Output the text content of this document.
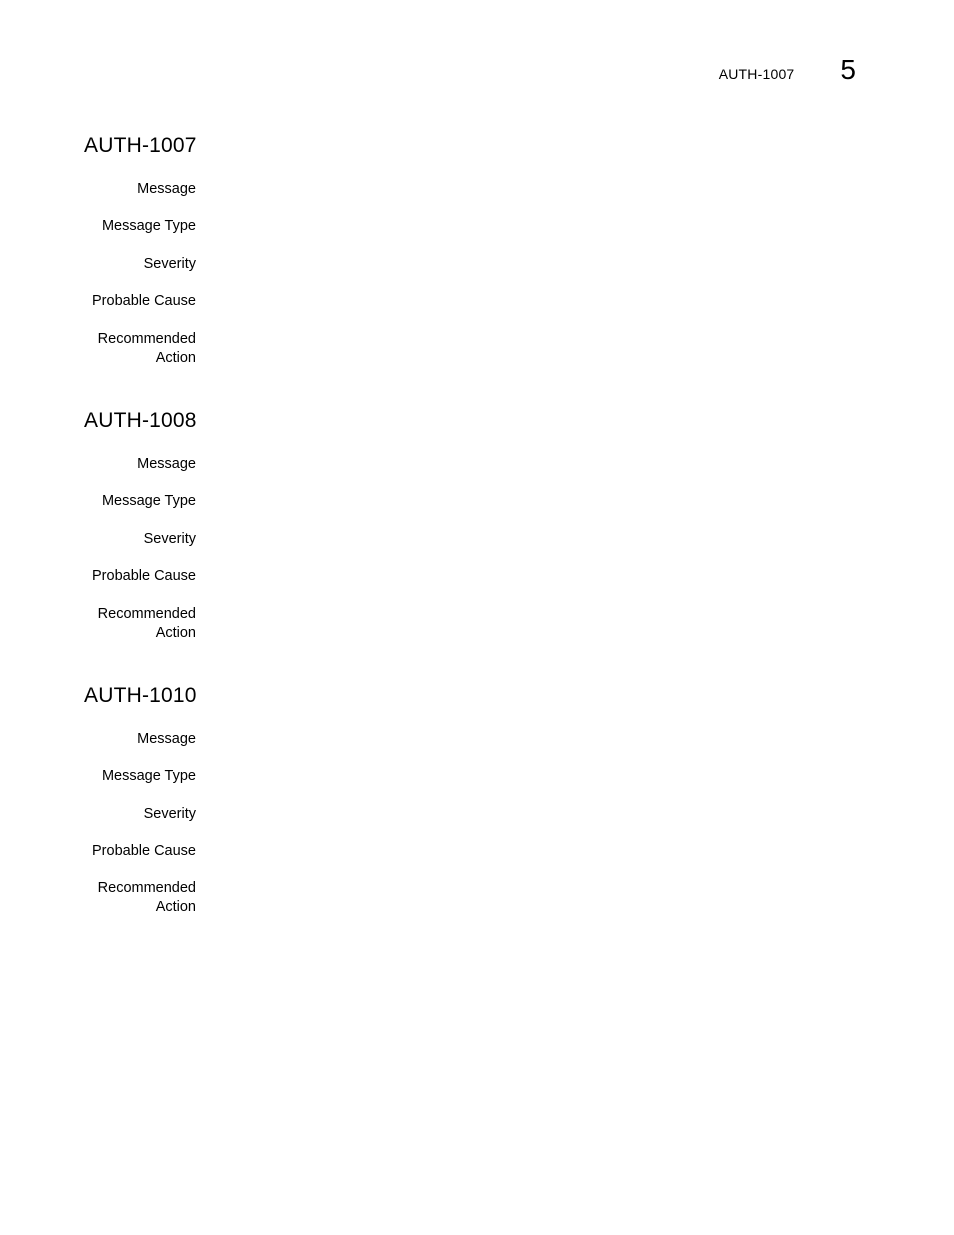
AUTH-1007 5
AUTH-1007
Message
Message Type
Severity
Probable Cause
Recommended Action
AUTH-1008
Message
Message Type
Severity
Probable Cause
Recommended Action
AUTH-1010
Message
Message Type
Severity
Probable Cause
Recommended Action
